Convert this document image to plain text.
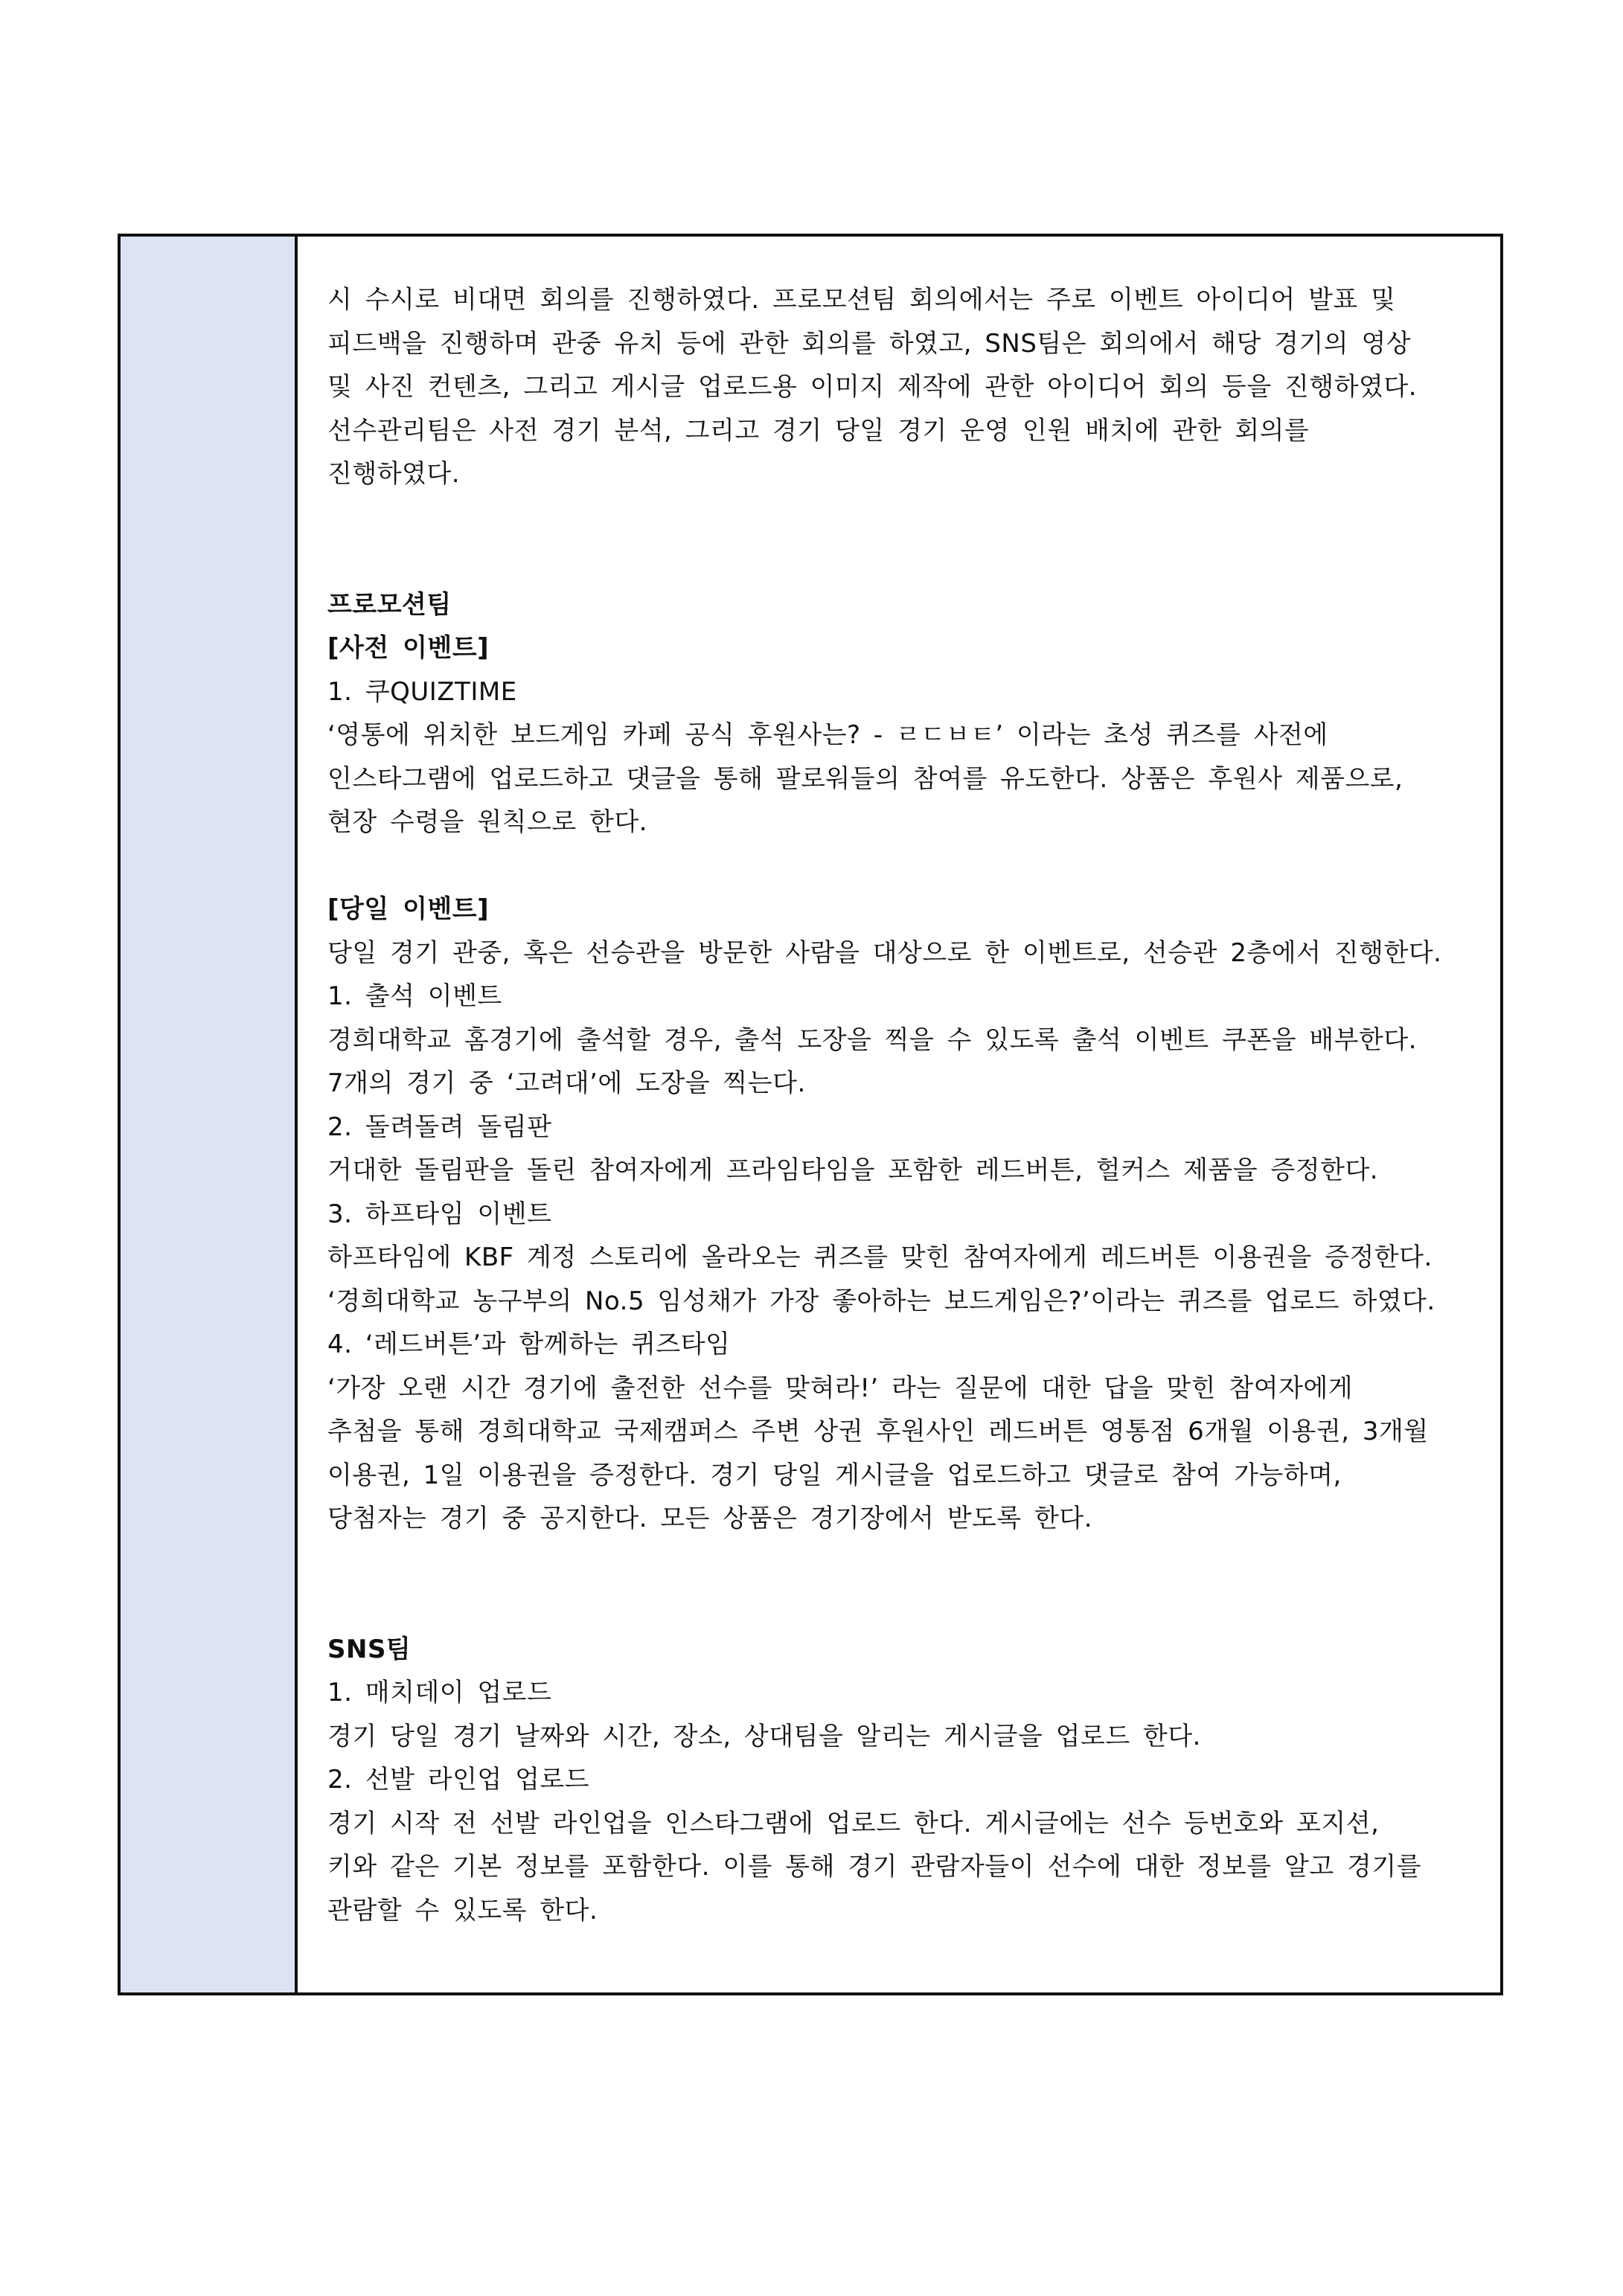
시 수시로 비대면 회의를 진행하였다. 프로모션팀 회의에서는 주로 이벤트 아이디어 발표 및
피드백을 진행하며 관중 유치 등에 관한 회의를 하였고, SNS팀은 회의에서 해당 경기의 영상
및 사진 컨텐츠, 그리고 게시글 업로드용 이미지 제작에 관한 아이디어 회의 등을 진행하였다.
선수관리팀은 사전 경기 분석, 그리고 경기 당일 경기 운영 인원 배치에 관한 회의를
진행하였다.
프로모션팀
[사전 이벤트]
1. 쿠QUIZTIME
‘영통에 위치한 보드게임 카페 공식 후원사는? - ㄹㄷㅂㅌ’ 이라는 초성 퀴즈를 사전에
인스타그램에 업로드하고 댓글을 통해 팔로워들의 참여를 유도한다. 상품은 후원사 제품으로,
현장 수령을 원칙으로 한다.
[당일 이벤트]
당일 경기 관중, 혹은 선승관을 방문한 사람을 대상으로 한 이벤트로, 선승관 2층에서 진행한다.
1. 출석 이벤트
경희대학교 홈경기에 출석할 경우, 출석 도장을 찍을 수 있도록 출석 이벤트 쿠폰을 배부한다.
7개의 경기 중 ‘고려대’에 도장을 찍는다.
2. 돌려돌려 돌림판
거대한 돌림판을 돌린 참여자에게 프라임타임을 포함한 레드버튼, 헐커스 제품을 증정한다.
3. 하프타임 이벤트
하프타임에 KBF 계정 스토리에 올라오는 퀴즈를 맞힌 참여자에게 레드버튼 이용권을 증정한다.
‘경희대학교 농구부의 No.5 임성채가 가장 좋아하는 보드게임은?’이라는 퀴즈를 업로드 하였다.
4. ‘레드버튼’과 함께하는 퀴즈타임
‘가장 오랜 시간 경기에 출전한 선수를 맞혀라!’ 라는 질문에 대한 답을 맞힌 참여자에게
추첨을 통해 경희대학교 국제캠퍼스 주변 상권 후원사인 레드버튼 영통점 6개월 이용권, 3개월
이용권, 1일 이용권을 증정한다. 경기 당일 게시글을 업로드하고 댓글로 참여 가능하며,
당첨자는 경기 중 공지한다. 모든 상품은 경기장에서 받도록 한다.
SNS팀
1. 매치데이 업로드
경기 당일 경기 날짜와 시간, 장소, 상대팀을 알리는 게시글을 업로드 한다.
2. 선발 라인업 업로드
경기 시작 전 선발 라인업을 인스타그램에 업로드 한다. 게시글에는 선수 등번호와 포지션,
키와 같은 기본 정보를 포함한다. 이를 통해 경기 관람자들이 선수에 대한 정보를 알고 경기를
관람할 수 있도록 한다.
